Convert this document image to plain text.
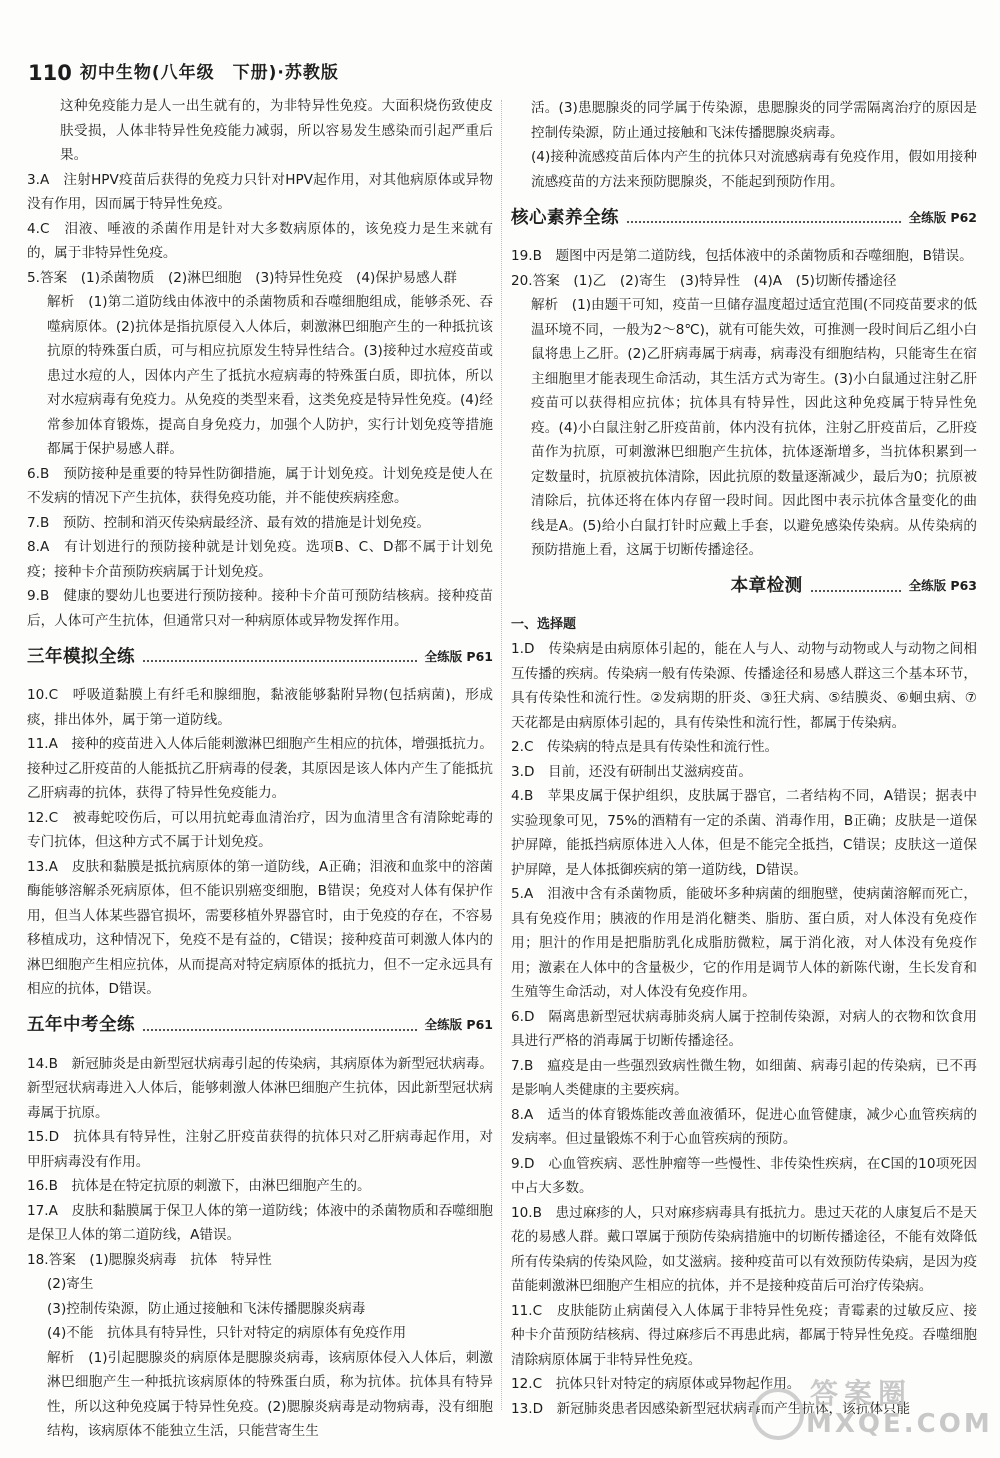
110 初中生物(八年级　下册)·苏教版

这种免疫能力是人一出生就有的，为非特异性免疫。大面积烧伤致使皮肤受损，人体非特异性免疫能力减弱，所以容易发生感染而引起严重后果。

3.A　注射HPV疫苗后获得的免疫力只针对HPV起作用，对其他病原体或异物没有作用，因而属于特异性免疫。

4.C　泪液、唾液的杀菌作用是针对大多数病原体的，该免疫力是生来就有的，属于非特异性免疫。

5.答案　(1)杀菌物质　(2)淋巴细胞　(3)特异性免疫　(4)保护易感人群

解析　(1)第二道防线由体液中的杀菌物质和吞噬细胞组成，能够杀死、吞噬病原体。(2)抗体是指抗原侵入人体后，刺激淋巴细胞产生的一种抵抗该抗原的特殊蛋白质，可与相应抗原发生特异性结合。(3)接种过水痘疫苗或患过水痘的人，因体内产生了抵抗水痘病毒的特殊蛋白质，即抗体，所以对水痘病毒有免疫力。从免疫的类型来看，这类免疫是特异性免疫。(4)经常参加体育锻炼，提高自身免疫力，加强个人防护，实行计划免疫等措施都属于保护易感人群。

6.B　预防接种是重要的特异性防御措施，属于计划免疫。计划免疫是使人在不发病的情况下产生抗体，获得免疫功能，并不能使疾病痊愈。

7.B　预防、控制和消灭传染病最经济、最有效的措施是计划免疫。

8.A　有计划进行的预防接种就是计划免疫。选项B、C、D都不属于计划免疫；接种卡介苗预防疾病属于计划免疫。

9.B　健康的婴幼儿也要进行预防接种。接种卡介苗可预防结核病。接种疫苗后，人体可产生抗体，但通常只对一种病原体或异物发挥作用。

三年模拟全练	全练版 P61

10.C　呼吸道黏膜上有纤毛和腺细胞，黏液能够黏附异物(包括病菌)，形成痰，排出体外，属于第一道防线。

11.A　接种的疫苗进入人体后能刺激淋巴细胞产生相应的抗体，增强抵抗力。接种过乙肝疫苗的人能抵抗乙肝病毒的侵袭，其原因是该人体内产生了能抵抗乙肝病毒的抗体，获得了特异性免疫能力。

12.C　被毒蛇咬伤后，可以用抗蛇毒血清治疗，因为血清里含有清除蛇毒的专门抗体，但这种方式不属于计划免疫。

13.A　皮肤和黏膜是抵抗病原体的第一道防线，A正确；泪液和血浆中的溶菌酶能够溶解杀死病原体，但不能识别癌变细胞，B错误；免疫对人体有保护作用，但当人体某些器官损坏，需要移植外界器官时，由于免疫的存在，不容易移植成功，这种情况下，免疫不是有益的，C错误；接种疫苗可刺激人体内的淋巴细胞产生相应抗体，从而提高对特定病原体的抵抗力，但不一定永远具有相应的抗体，D错误。

五年中考全练	全练版 P61

14.B　新冠肺炎是由新型冠状病毒引起的传染病，其病原体为新型冠状病毒。新型冠状病毒进入人体后，能够刺激人体淋巴细胞产生抗体，因此新型冠状病毒属于抗原。

15.D　抗体具有特异性，注射乙肝疫苗获得的抗体只对乙肝病毒起作用，对甲肝病毒没有作用。

16.B　抗体是在特定抗原的刺激下，由淋巴细胞产生的。

17.A　皮肤和黏膜属于保卫人体的第一道防线；体液中的杀菌物质和吞噬细胞是保卫人体的第二道防线，A错误。

18.答案　(1)腮腺炎病毒　抗体　特异性

(2)寄生

(3)控制传染源，防止通过接触和飞沫传播腮腺炎病毒

(4)不能　抗体具有特异性，只针对特定的病原体有免疫作用

解析　(1)引起腮腺炎的病原体是腮腺炎病毒，该病原体侵入人体后，刺激淋巴细胞产生一种抵抗该病原体的特殊蛋白质，称为抗体。抗体具有特异性，所以这种免疫属于特异性免疫。(2)腮腺炎病毒是动物病毒，没有细胞结构，该病原体不能独立生活，只能营寄生生

活。(3)患腮腺炎的同学属于传染源，患腮腺炎的同学需隔离治疗的原因是控制传染源，防止通过接触和飞沫传播腮腺炎病毒。

(4)接种流感疫苗后体内产生的抗体只对流感病毒有免疫作用，假如用接种流感疫苗的方法来预防腮腺炎，不能起到预防作用。

核心素养全练	全练版 P62

19.B　题图中丙是第二道防线，包括体液中的杀菌物质和吞噬细胞，B错误。

20.答案　(1)乙　(2)寄生　(3)特异性　(4)A　(5)切断传播途径

解析　(1)由题干可知，疫苗一旦储存温度超过适宜范围(不同疫苗要求的低温环境不同，一般为2～8℃)，就有可能失效，可推测一段时间后乙组小白鼠将患上乙肝。(2)乙肝病毒属于病毒，病毒没有细胞结构，只能寄生在宿主细胞里才能表现生命活动，其生活方式为寄生。(3)小白鼠通过注射乙肝疫苗可以获得相应抗体；抗体具有特异性，因此这种免疫属于特异性免疫。(4)小白鼠注射乙肝疫苗前，体内没有抗体，注射乙肝疫苗后，乙肝疫苗作为抗原，可刺激淋巴细胞产生抗体，抗体逐渐增多，当抗体积累到一定数量时，抗原被抗体清除，因此抗原的数量逐渐减少，最后为0；抗原被清除后，抗体还将在体内存留一段时间。因此图中表示抗体含量变化的曲线是A。(5)给小白鼠打针时应戴上手套，以避免感染传染病。从传染病的预防措施上看，这属于切断传播途径。

本章检测	全练版 P63

一、选择题

1.D　传染病是由病原体引起的，能在人与人、动物与动物或人与动物之间相互传播的疾病。传染病一般有传染源、传播途径和易感人群这三个基本环节，具有传染性和流行性。②发病期的肝炎、③狂犬病、⑤结膜炎、⑥蛔虫病、⑦天花都是由病原体引起的，具有传染性和流行性，都属于传染病。

2.C　传染病的特点是具有传染性和流行性。

3.D　目前，还没有研制出艾滋病疫苗。

4.B　苹果皮属于保护组织，皮肤属于器官，二者结构不同，A错误；据表中实验现象可见，75%的酒精有一定的杀菌、消毒作用，B正确；皮肤是一道保护屏障，能抵挡病原体进入人体，但是不能完全抵挡，C错误；皮肤这一道保护屏障，是人体抵御疾病的第一道防线，D错误。

5.A　泪液中含有杀菌物质，能破坏多种病菌的细胞壁，使病菌溶解而死亡，具有免疫作用；胰液的作用是消化糖类、脂肪、蛋白质，对人体没有免疫作用；胆汁的作用是把脂肪乳化成脂肪微粒，属于消化液，对人体没有免疫作用；激素在人体中的含量极少，它的作用是调节人体的新陈代谢，生长发育和生殖等生命活动，对人体没有免疫作用。

6.D　隔离患新型冠状病毒肺炎病人属于控制传染源，对病人的衣物和饮食用具进行严格的消毒属于切断传播途径。

7.B　瘟疫是由一些强烈致病性微生物，如细菌、病毒引起的传染病，已不再是影响人类健康的主要疾病。

8.A　适当的体育锻炼能改善血液循环，促进心血管健康，减少心血管疾病的发病率。但过量锻炼不利于心血管疾病的预防。

9.D　心血管疾病、恶性肿瘤等一些慢性、非传染性疾病，在C国的10项死因中占大多数。

10.B　患过麻疹的人，只对麻疹病毒具有抵抗力。患过天花的人康复后不是天花的易感人群。戴口罩属于预防传染病措施中的切断传播途径，不能有效降低所有传染病的传染风险，如艾滋病。接种疫苗可以有效预防传染病，是因为疫苗能刺激淋巴细胞产生相应的抗体，并不是接种疫苗后可治疗传染病。

11.C　皮肤能防止病菌侵入人体属于非特异性免疫；青霉素的过敏反应、接种卡介苗预防结核病、得过麻疹后不再患此病，都属于特异性免疫。吞噬细胞清除病原体属于非特异性免疫。

12.C　抗体只针对特定的病原体或异物起作用。

13.D　新冠肺炎患者因感染新型冠状病毒而产生抗体，该抗体只能

答案圈
MXQE.COM
